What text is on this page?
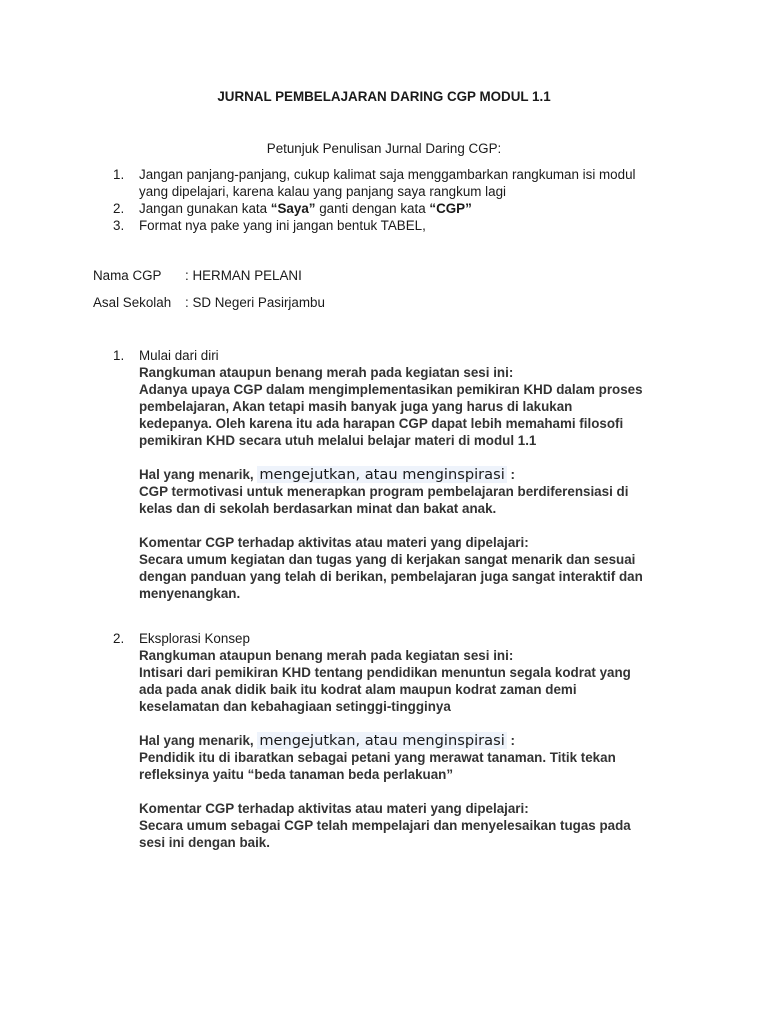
JURNAL PEMBELAJARAN DARING CGP MODUL 1.1
Petunjuk Penulisan Jurnal Daring CGP:
1. Jangan panjang-panjang, cukup kalimat saja menggambarkan rangkuman isi modul
yang dipelajari, karena kalau yang panjang saya rangkum lagi
2. Jangan gunakan kata “Saya” ganti dengan kata “CGP”
3. Format nya pake yang ini jangan bentuk TABEL,
Nama CGP : HERMAN PELANI
Asal Sekolah : SD Negeri Pasirjambu
1. Mulai dari diri
Rangkuman ataupun benang merah pada kegiatan sesi ini:
Adanya upaya CGP dalam mengimplementasikan pemikiran KHD dalam proses
pembelajaran, Akan tetapi masih banyak juga yang harus di lakukan
kedepanya. Oleh karena itu ada harapan CGP dapat lebih memahami filosofi
pemikiran KHD secara utuh melalui belajar materi di modul 1.1
Hal yang menarik, mengejutkan, atau menginspirasi :
CGP termotivasi untuk menerapkan program pembelajaran berdiferensiasi di
kelas dan di sekolah berdasarkan minat dan bakat anak.
Komentar CGP terhadap aktivitas atau materi yang dipelajari:
Secara umum kegiatan dan tugas yang di kerjakan sangat menarik dan sesuai
dengan panduan yang telah di berikan, pembelajaran juga sangat interaktif dan
menyenangkan.
2. Eksplorasi Konsep
Rangkuman ataupun benang merah pada kegiatan sesi ini:
Intisari dari pemikiran KHD tentang pendidikan menuntun segala kodrat yang
ada pada anak didik baik itu kodrat alam maupun kodrat zaman demi
keselamatan dan kebahagiaan setinggi-tingginya
Hal yang menarik, mengejutkan, atau menginspirasi :
Pendidik itu di ibaratkan sebagai petani yang merawat tanaman. Titik tekan
refleksinya yaitu “beda tanaman beda perlakuan”
Komentar CGP terhadap aktivitas atau materi yang dipelajari:
Secara umum sebagai CGP telah mempelajari dan menyelesaikan tugas pada
sesi ini dengan baik.
